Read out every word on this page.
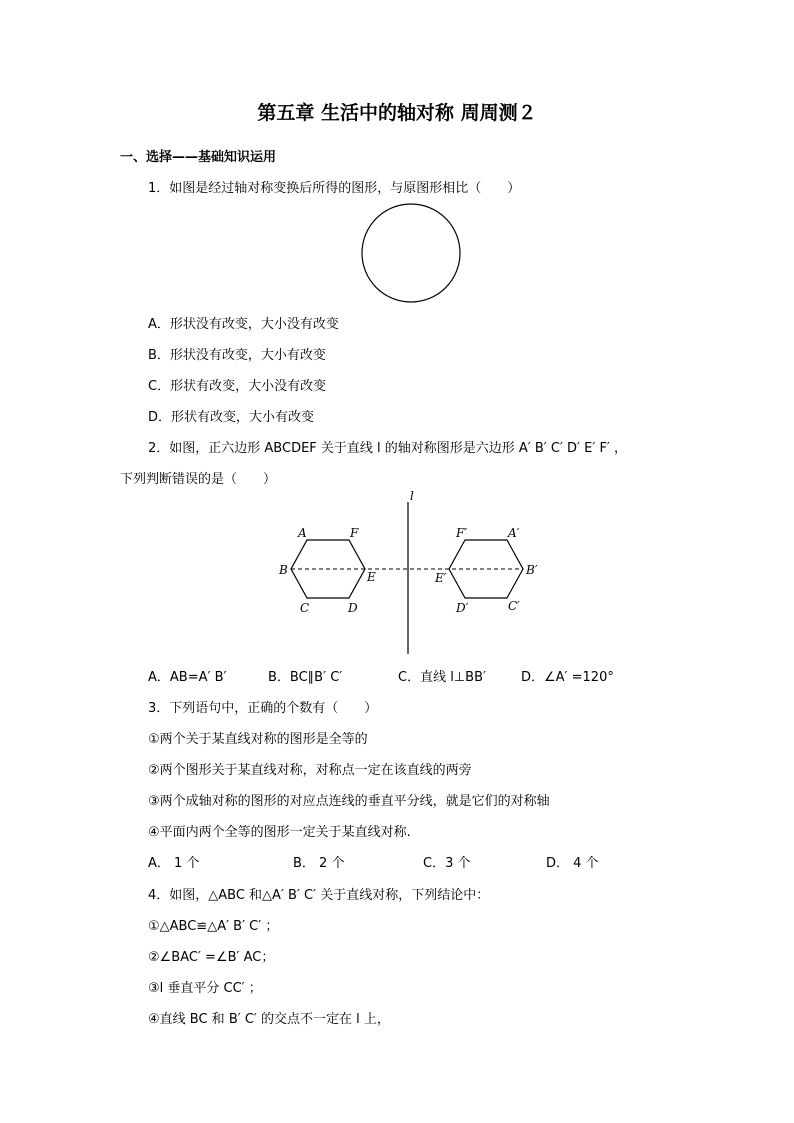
第五章 生活中的轴对称 周周测２
一、选择——基础知识运用
1．如图是经过轴对称变换后所得的图形，与原图形相比（　　）
A．形状没有改变，大小没有改变
B．形状没有改变，大小有改变
C．形状有改变，大小没有改变
D．形状有改变，大小有改变
2．如图，正六边形 ABCDEF 关于直线 l 的轴对称图形是六边形 A′ B′ C′ D′ E′ F′ ，
下列判断错误的是（　　）
l
A	F
B	E
C	D
F′	A′
E′
B′
D′	C′
A．AB=A′ B′	B．BC∥B′ C′	C．直线 l⊥BB′	D．∠A′ =120°
3．下列语句中，正确的个数有（　　）
①两个关于某直线对称的图形是全等的
②两个图形关于某直线对称，对称点一定在该直线的两旁
③两个成轴对称的图形的对应点连线的垂直平分线，就是它们的对称轴
④平面内两个全等的图形一定关于某直线对称.
A． 1 个	B． 2 个	C．3 个	D． 4 个
4．如图，△ABC 和△A′ B′ C′ 关于直线对称，下列结论中：
①△ABC≌△A′ B′ C′ ；
②∠BAC′ =∠B′ AC；
③l 垂直平分 CC′ ；
④直线 BC 和 B′ C′ 的交点不一定在 l 上，
